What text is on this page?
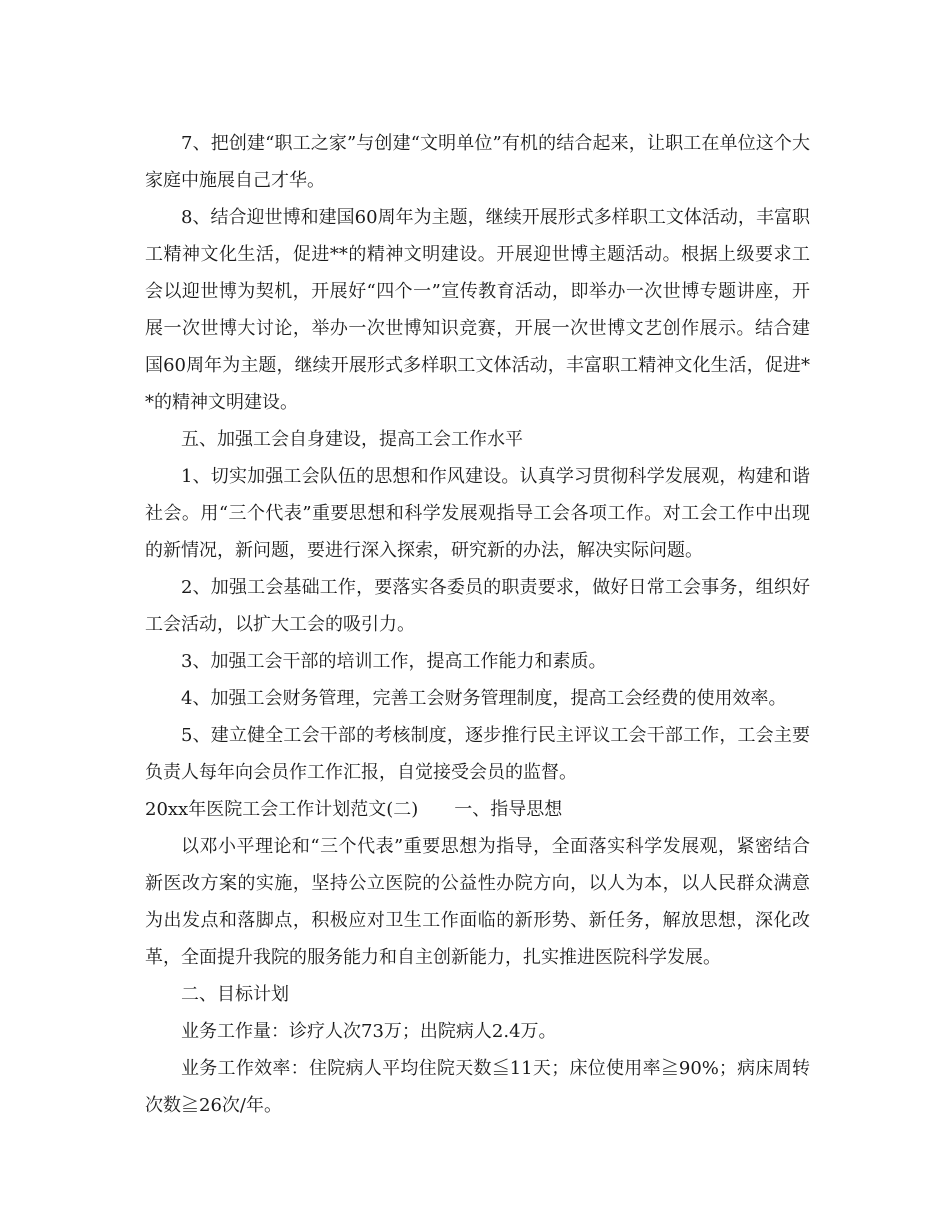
7、把创建“职工之家”与创建“文明单位”有机的结合起来，让职工在单位这个大家庭中施展自己才华。

8、结合迎世博和建国60周年为主题，继续开展形式多样职工文体活动，丰富职工精神文化生活，促进**的精神文明建设。开展迎世博主题活动。根据上级要求工会以迎世博为契机，开展好“四个一”宣传教育活动，即举办一次世博专题讲座，开展一次世博大讨论，举办一次世博知识竞赛，开展一次世博文艺创作展示。结合建国60周年为主题，继续开展形式多样职工文体活动，丰富职工精神文化生活，促进**的精神文明建设。

五、加强工会自身建设，提高工会工作水平

1、切实加强工会队伍的思想和作风建设。认真学习贯彻科学发展观，构建和谐社会。用“三个代表”重要思想和科学发展观指导工会各项工作。对工会工作中出现的新情况，新问题，要进行深入探索，研究新的办法，解决实际问题。

2、加强工会基础工作，要落实各委员的职责要求，做好日常工会事务，组织好工会活动，以扩大工会的吸引力。

3、加强工会干部的培训工作，提高工作能力和素质。

4、加强工会财务管理，完善工会财务管理制度，提高工会经费的使用效率。

5、建立健全工会干部的考核制度，逐步推行民主评议工会干部工作，工会主要负责人每年向会员作工作汇报，自觉接受会员的监督。

20xx年医院工会工作计划范文(二) 一、指导思想

以邓小平理论和“三个代表”重要思想为指导，全面落实科学发展观，紧密结合新医改方案的实施，坚持公立医院的公益性办院方向，以人为本，以人民群众满意为出发点和落脚点，积极应对卫生工作面临的新形势、新任务，解放思想，深化改革，全面提升我院的服务能力和自主创新能力，扎实推进医院科学发展。

二、目标计划

业务工作量：诊疗人次73万；出院病人2.4万。

业务工作效率：住院病人平均住院天数≦11天；床位使用率≧90%；病床周转次数≧26次/年。
